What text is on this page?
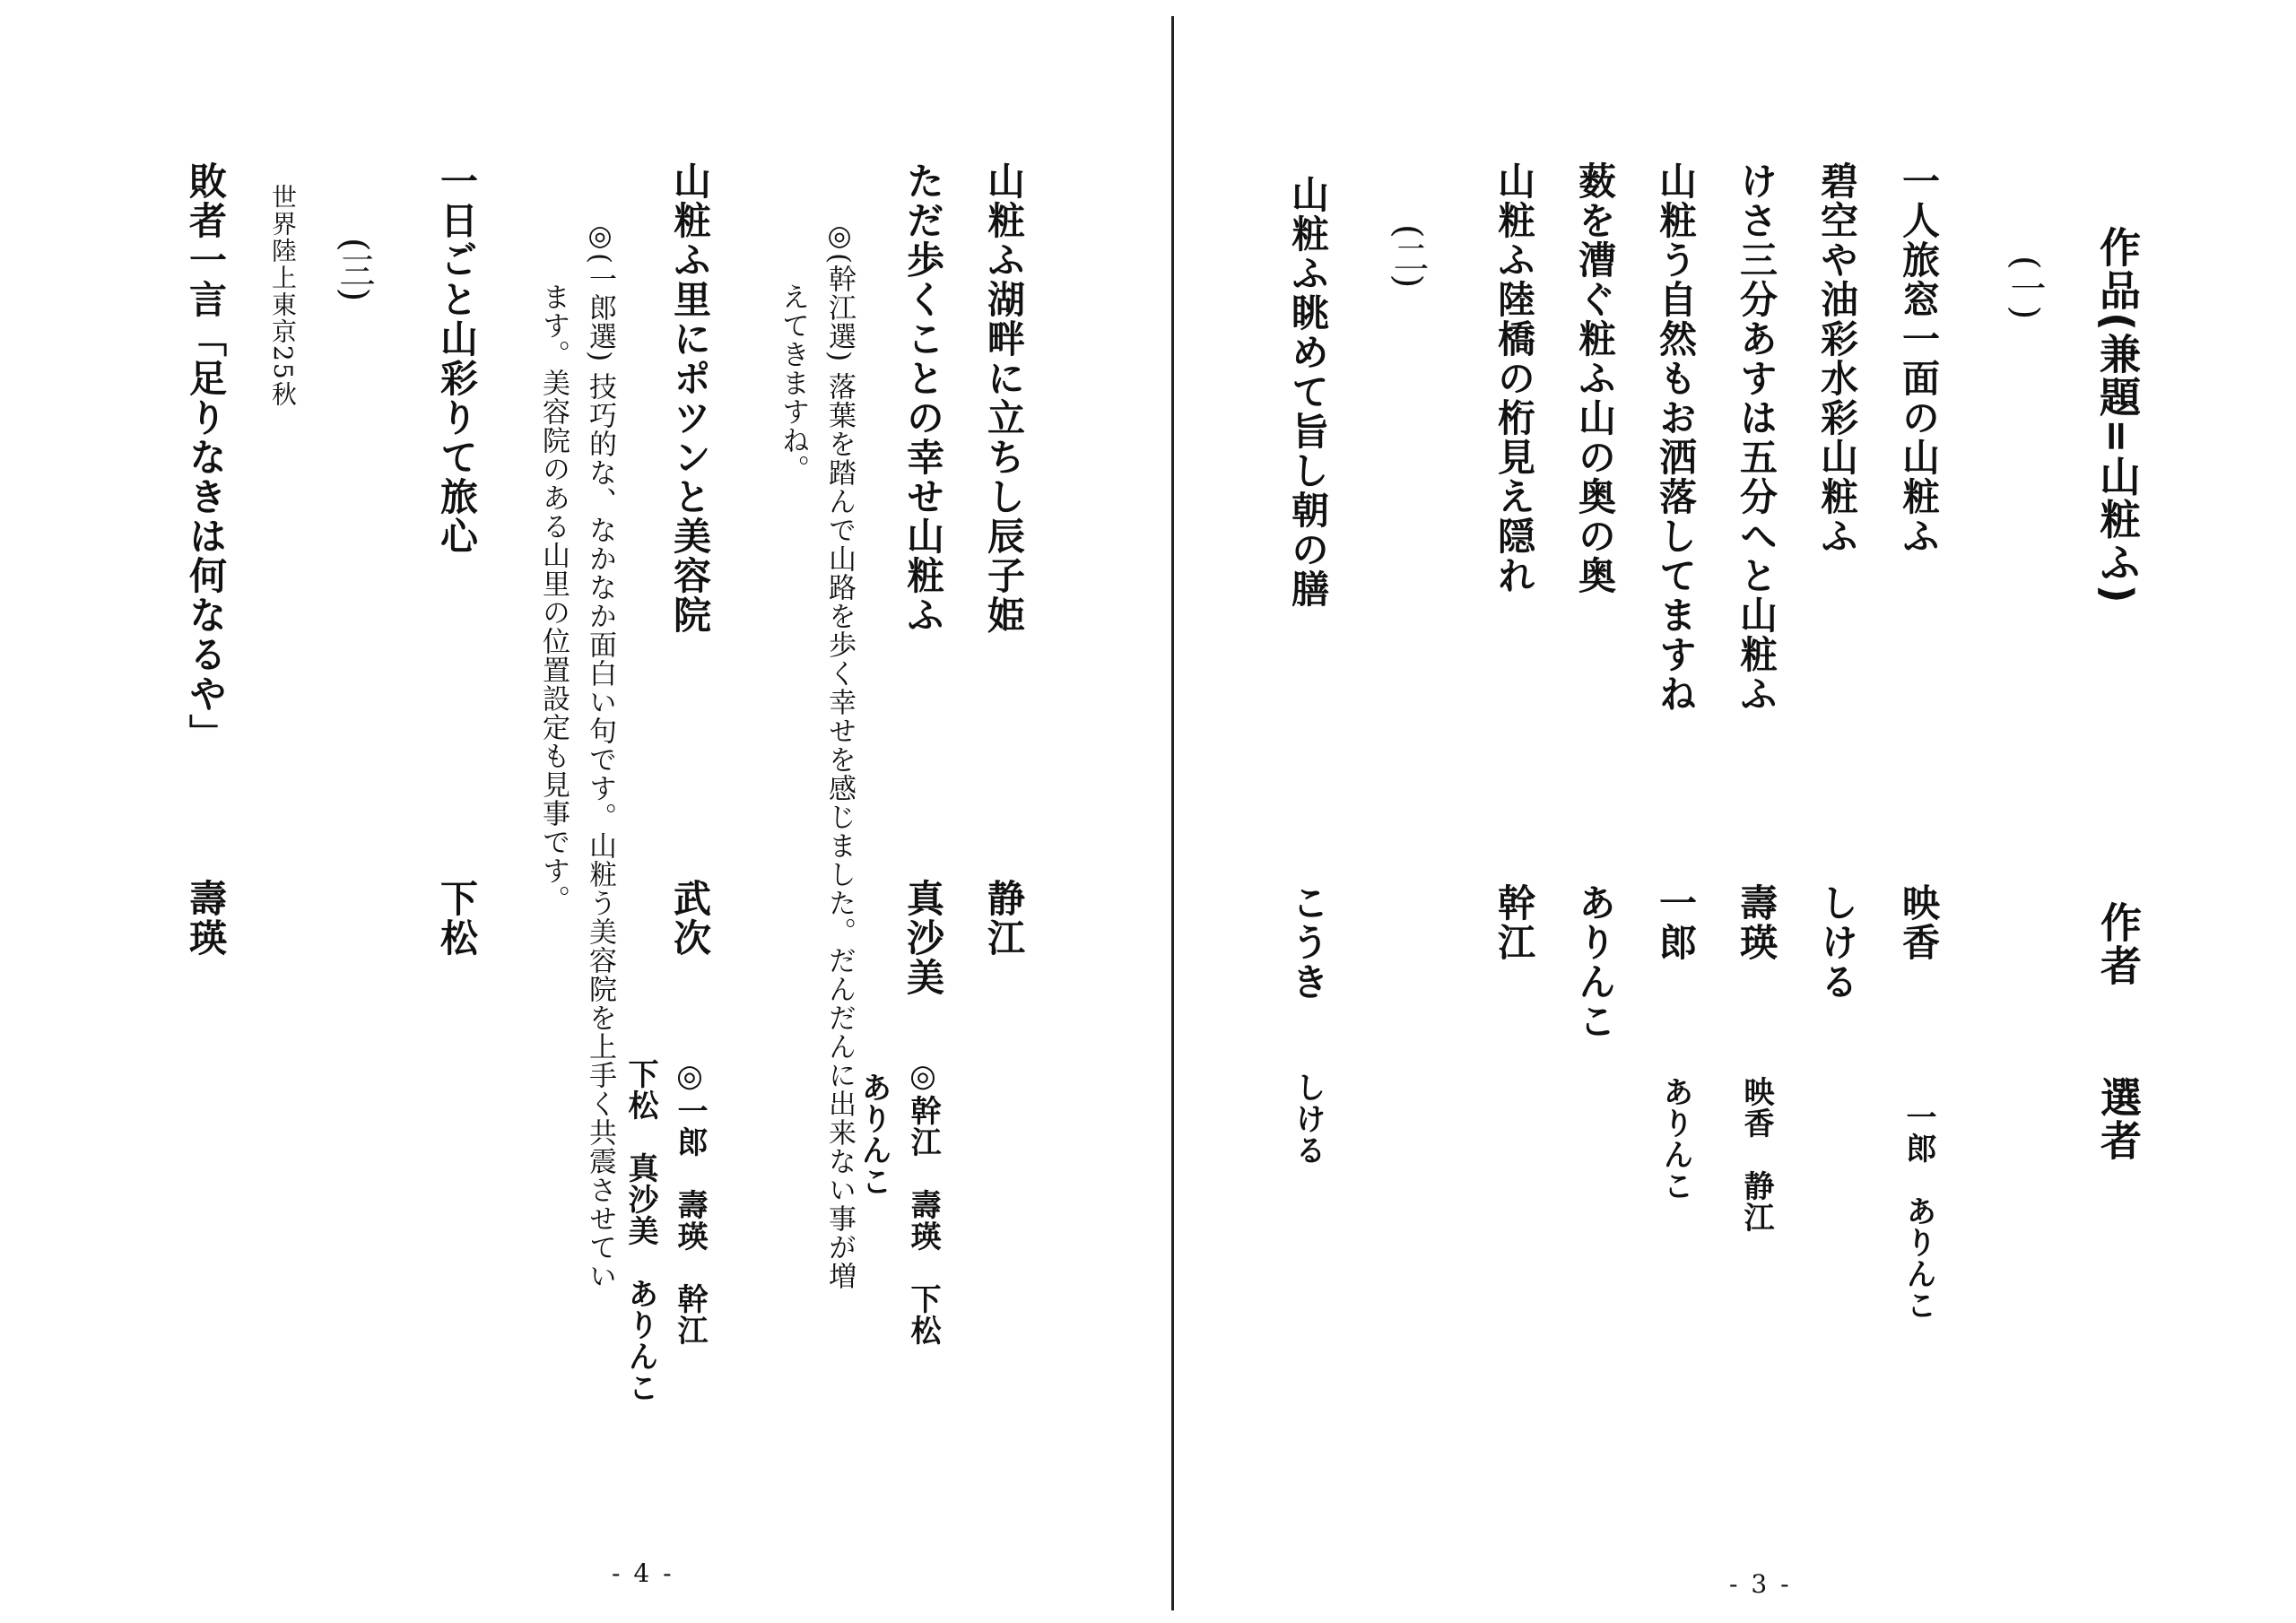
作品(兼題=山粧ふ)

作者

選者

(一)

一人旅窓一面の山粧ふ

映香

一郎　ありんこ

碧空や油彩水彩山粧ふ

しける

けさ三分あすは五分へと山粧ふ

壽瑛

映香　静江

山粧う自然もお洒落してますね

一郎

ありんこ

薮を漕ぐ粧ふ山の奥の奥

ありんこ

山粧ふ陸橋の桁見え隠れ

幹江

(二)

山粧ふ眺めて旨し朝の膳

こうき

しける

- 3 -

山粧ふ湖畔に立ちし辰子姫

静江

ただ歩くことの幸せ山粧ふ

真沙美

◎幹江　壽瑛　下松

ありんこ

◎(幹江選) 落葉を踏んで山路を歩く幸せを感じました。だんだんに出来ない事が増
えてきますね。

山粧ふ里にポツンと美容院

武次

◎一郎　壽瑛　幹江

下松　真沙美　ありんこ

◎(一郎選) 技巧的な、なかなか面白い句です。山粧う美容院を上手く共震させてい
ます。美容院のある山里の位置設定も見事です。

一日ごと山彩りて旅心

下松

(三)

世界陸上東京25秋

敗者一言「足りなきは何なるや」

壽瑛

- 4 -
